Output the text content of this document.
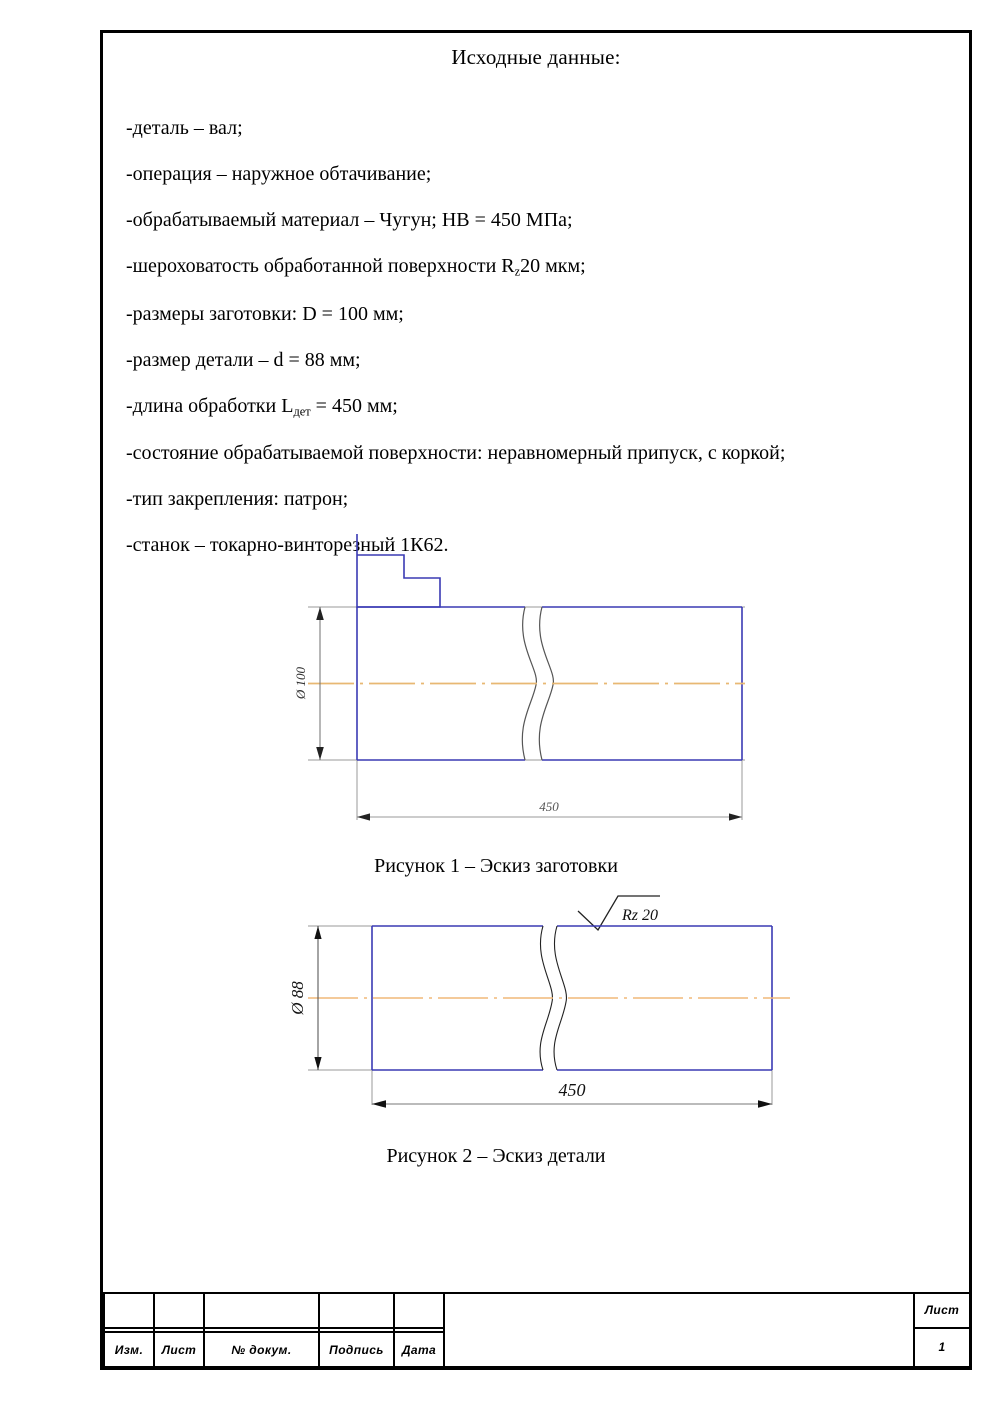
Исходные данные:
-деталь – вал;
-операция – наружное обтачивание;
-обрабатываемый материал – Чугун; НВ = 450 МПа;
-шероховатость обработанной поверхности $R_z20$ мкм;
-размеры заготовки: D = 100 мм;
-размер детали – d = 88 мм;
-длина обработки $L_{дет} = 450$ мм;
-состояние обрабатываемой поверхности: неравномерный припуск, с коркой;
-тип закрепления: патрон;
-станок – токарно-винторезный 1К62.
Ø 100
450
Рисунок 1 – Эскиз заготовки
Rz 20
Ø 88
450
Рисунок 2 – Эскиз детали
						Лист
						1
Изм.	Лист	№ докум.	Подпись	Дата		
